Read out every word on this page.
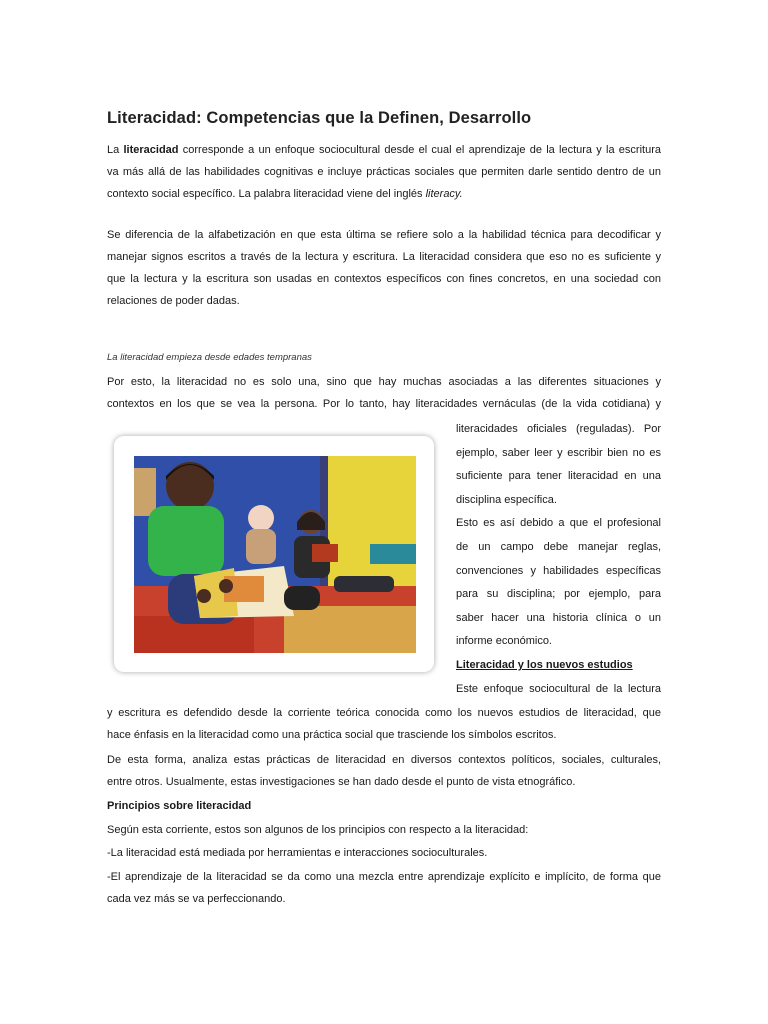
Literacidad: Competencias que la Definen, Desarrollo
La literacidad corresponde a un enfoque sociocultural desde el cual el aprendizaje de la lectura y la escritura
va más allá de las habilidades cognitivas e incluye prácticas sociales que permiten darle sentido dentro de un
contexto social específico. La palabra literacidad viene del inglés literacy.
Se diferencia de la alfabetización en que esta última se refiere solo a la habilidad técnica para decodificar y
manejar signos escritos a través de la lectura y escritura. La literacidad considera que eso no es suficiente y
que la lectura y la escritura son usadas en contextos específicos con fines concretos, en una sociedad con
relaciones de poder dadas.
La literacidad empieza desde edades tempranas
Por esto, la literacidad no es solo una, sino que hay muchas asociadas a las diferentes situaciones y
contextos en los que se vea la persona. Por lo tanto, hay literacidades vernáculas (de la vida cotidiana) y
literacidades oficiales (reguladas). Por
ejemplo, saber leer y escribir bien no es
suficiente para tener literacidad en una
disciplina específica.
Esto es así debido a que el profesional
de un campo debe manejar reglas,
convenciones y habilidades específicas
para su disciplina; por ejemplo, para
saber hacer una historia clínica o un
informe económico.
Literacidad y los nuevos estudios
Este enfoque sociocultural de la lectura
y escritura es defendido desde la corriente teórica conocida como los nuevos estudios de literacidad, que
hace énfasis en la literacidad como una práctica social que trasciende los símbolos escritos.
De esta forma, analiza estas prácticas de literacidad en diversos contextos políticos, sociales, culturales,
entre otros. Usualmente, estas investigaciones se han dado desde el punto de vista etnográfico.
Principios sobre literacidad
Según esta corriente, estos son algunos de los principios con respecto a la literacidad:
-La literacidad está mediada por herramientas e interacciones socioculturales.
-El aprendizaje de la literacidad se da como una mezcla entre aprendizaje explícito e implícito, de forma que
cada vez más se va perfeccionando.
